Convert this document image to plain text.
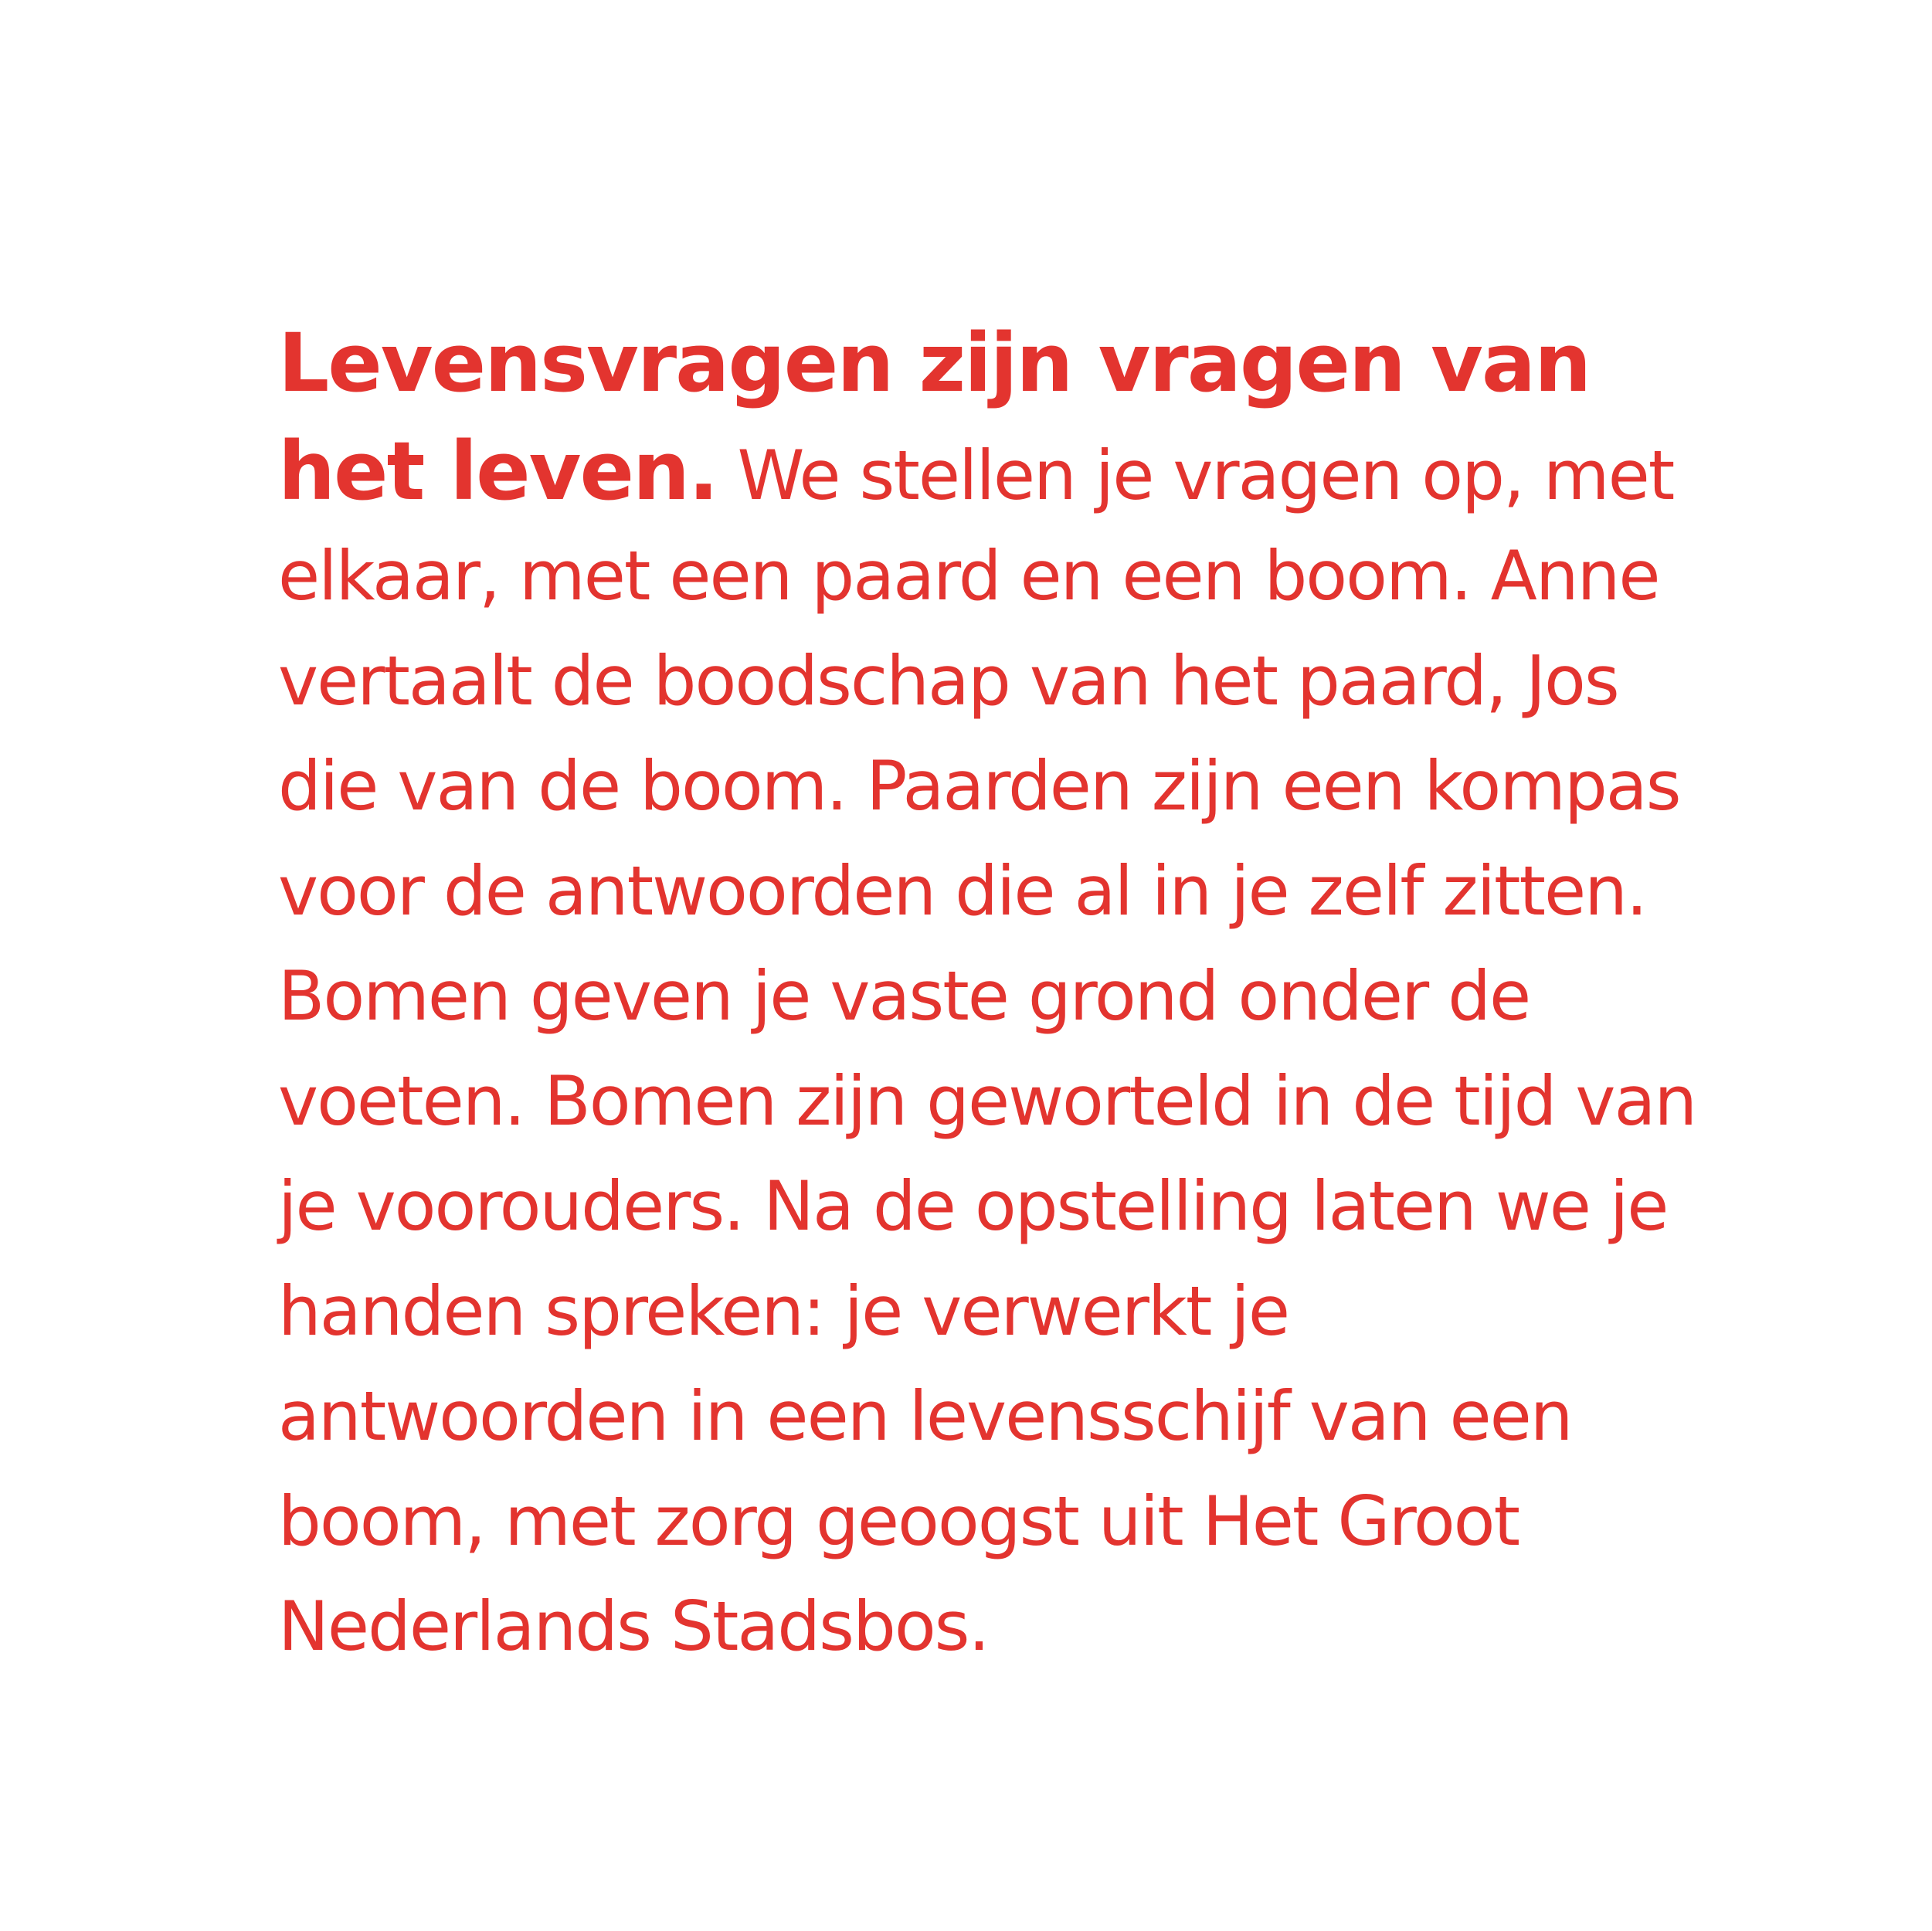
Levensvragen zijn vragen van
het leven. We stellen je vragen op, met
elkaar, met een paard en een boom. Anne
vertaalt de boodschap van het paard, Jos
die van de boom. Paarden zijn een kompas
voor de antwoorden die al in je zelf zitten.
Bomen geven je vaste grond onder de
voeten. Bomen zijn geworteld in de tijd van
je voorouders. Na de opstelling laten we je
handen spreken: je verwerkt je
antwoorden in een levensschijf van een
boom, met zorg geoogst uit Het Groot
Nederlands Stadsbos.
